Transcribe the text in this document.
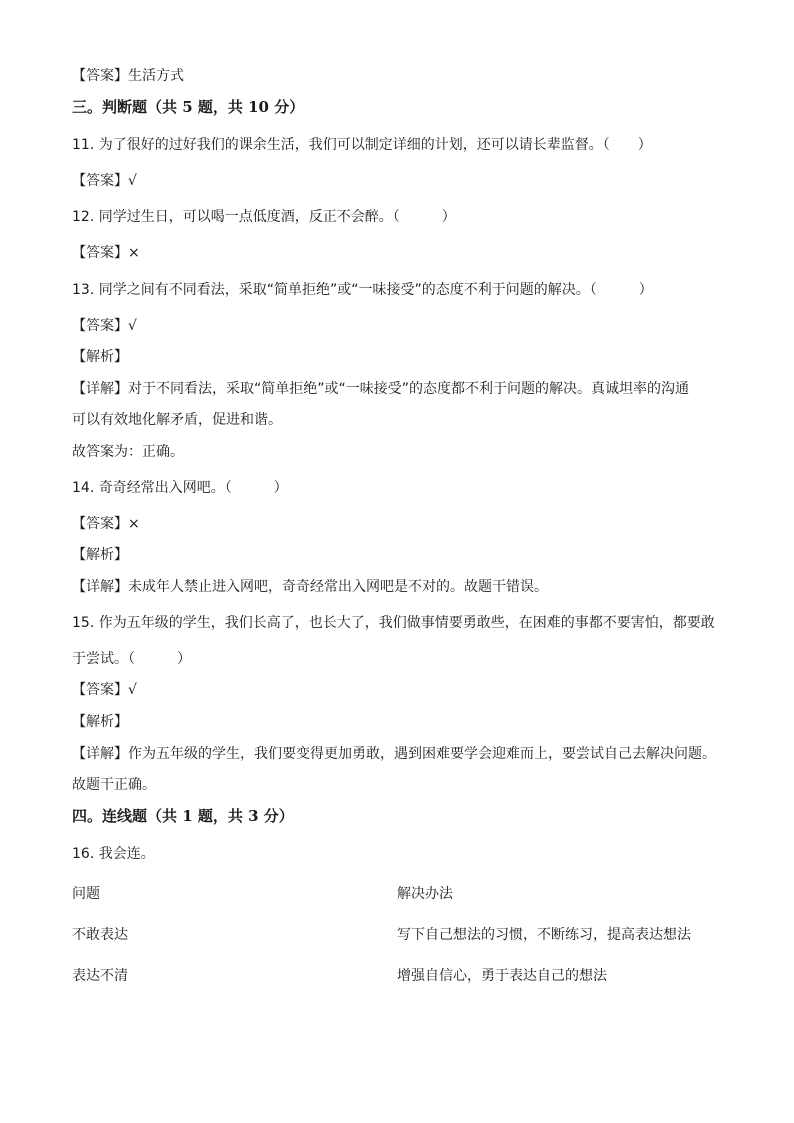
【答案】生活方式
三。判断题（共 5 题，共 10 分）
11. 为了很好的过好我们的课余生活，我们可以制定详细的计划，还可以请长辈监督。（　　）
【答案】√
12. 同学过生日，可以喝一点低度酒，反正不会醉。（　　　）
【答案】×
13. 同学之间有不同看法，采取“简单拒绝”或“一味接受”的态度不利于问题的解决。（　　　）
【答案】√
【解析】
【详解】对于不同看法，采取“简单拒绝”或“一味接受”的态度都不利于问题的解决。真诚坦率的沟通
可以有效地化解矛盾，促进和谐。
故答案为：正确。
14. 奇奇经常出入网吧。（　　　）
【答案】×
【解析】
【详解】未成年人禁止进入网吧，奇奇经常出入网吧是不对的。故题干错误。
15. 作为五年级的学生，我们长高了，也长大了，我们做事情要勇敢些，在困难的事都不要害怕，都要敢
于尝试。（　　　）
【答案】√
【解析】
【详解】作为五年级的学生，我们要变得更加勇敢，遇到困难要学会迎难而上，要尝试自己去解决问题。
故题干正确。
四。连线题（共 1 题，共 3 分）
16. 我会连。
问题	解决办法
不敢表达	写下自己想法的习惯，不断练习，提高表达想法
表达不清	增强自信心，勇于表达自己的想法
